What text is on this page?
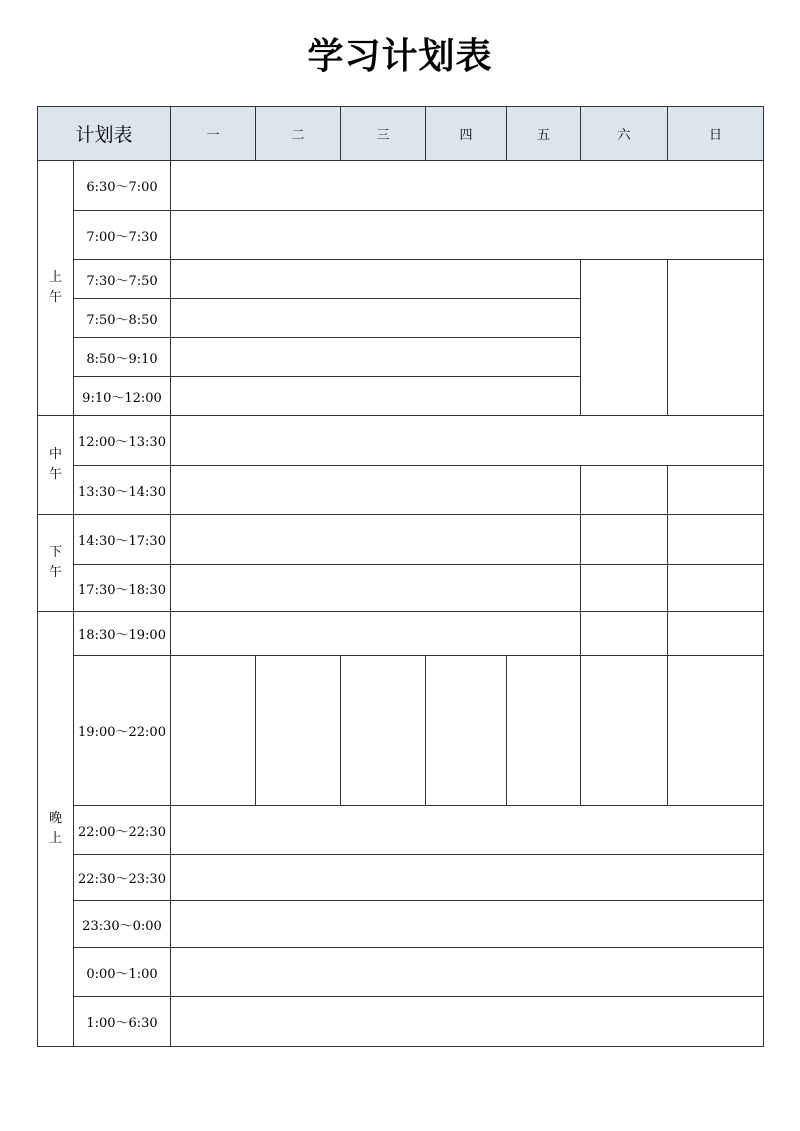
学习计划表
计划表		一	二	三	四	五	六	日

上
午	6:30～7:00							
	7:00～7:30							
	7:30～7:50							
	7:50～8:50							
	8:50～9:10							
	9:10～12:00							

中
午	12:00～13:30							
	13:30～14:30							

下
午	14:30～17:30							
	17:30～18:30							

晚
上	18:30～19:00							
	19:00～22:00							
	22:00～22:30							
	22:30～23:30							
	23:30～0:00							
	0:00～1:00							
	1:00～6:30							
